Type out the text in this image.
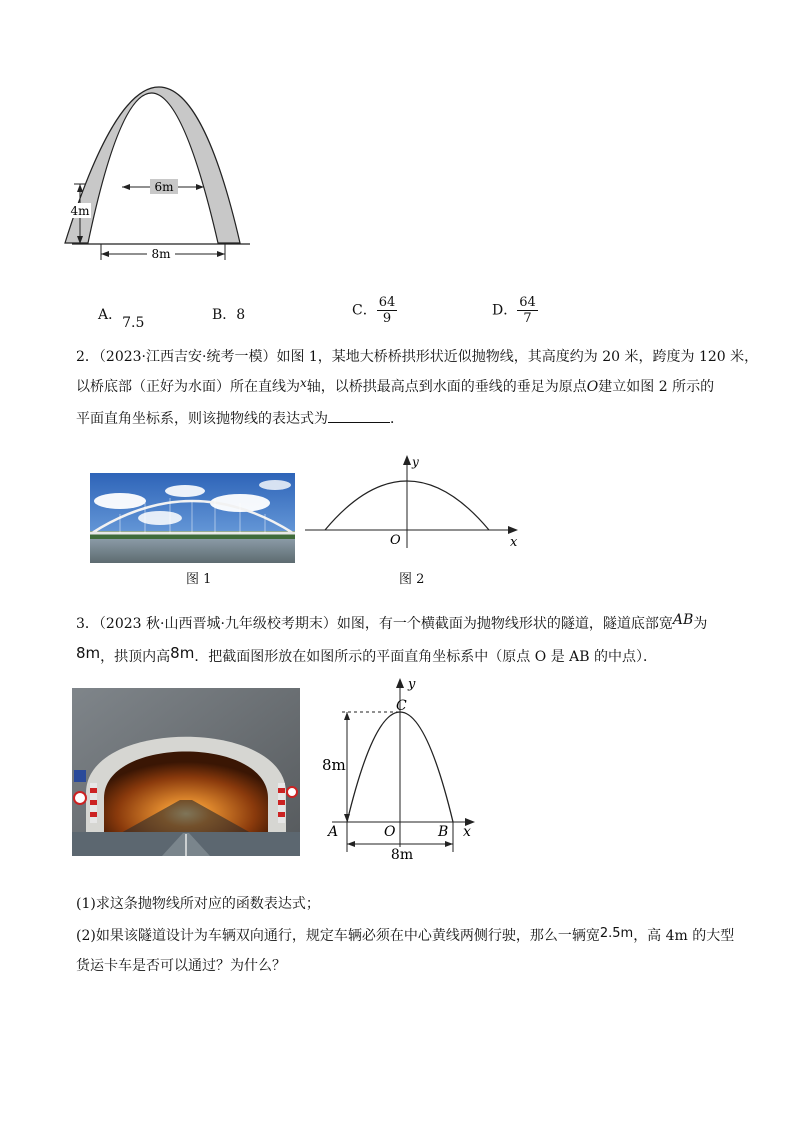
6m
4m
8m
A．7.5	B．8	C． $\frac{64}{9}$	D． $\frac{64}{7}$
2．（2023·江西吉安·统考一模）如图 1，某地大桥桥拱形状近似抛物线，其高度约为 20 米，跨度为 120 米，
以桥底部（正好为水面）所在直线为x轴，以桥拱最高点到水面的垂线的垂足为原点O建立如图 2 所示的
平面直角坐标系，则该抛物线的表达式为	．
图 1
y
x
O
图 2
3．（2023 秋·山西晋城·九年级校考期末）如图，有一个横截面为抛物线形状的隧道，隧道底部宽AB为
8m，拱顶内高8m．把截面图形放在如图所示的平面直角坐标系中（原点 O 是 AB 的中点）．
y
C
8m
A	O	B x
8m
(1)求这条抛物线所对应的函数表达式；
(2)如果该隧道设计为车辆双向通行，规定车辆必须在中心黄线两侧行驶，那么一辆宽2.5m，高 4m 的大型
货运卡车是否可以通过？为什么？
